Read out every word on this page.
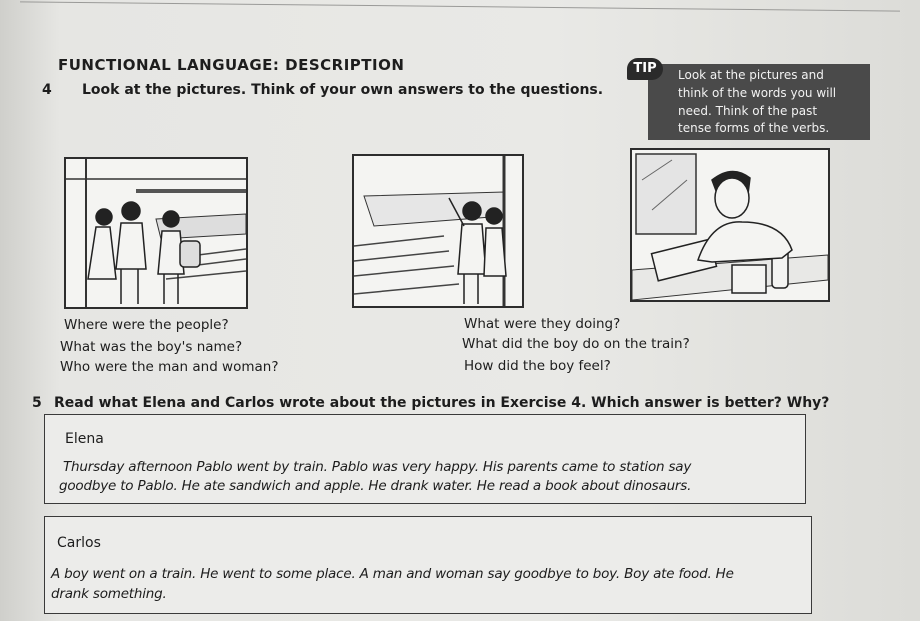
FUNCTIONAL LANGUAGE: DESCRIPTION
4 Look at the pictures. Think of your own answers to the questions.
Look at the pictures and
think of the words you will
need. Think of the past
tense forms of the verbs.
TIP
Where were the people?
What was the boy's name?
Who were the man and woman?
What were they doing?
What did the boy do on the train?
How did the boy feel?
5 Read what Elena and Carlos wrote about the pictures in Exercise 4. Which answer is better? Why?
Elena
Thursday afternoon Pablo went by train. Pablo was very happy. His parents came to station say
goodbye to Pablo. He ate sandwich and apple. He drank water. He read a book about dinosaurs.
Carlos
A boy went on a train. He went to some place. A man and woman say goodbye to boy. Boy ate food. He
drank something.
